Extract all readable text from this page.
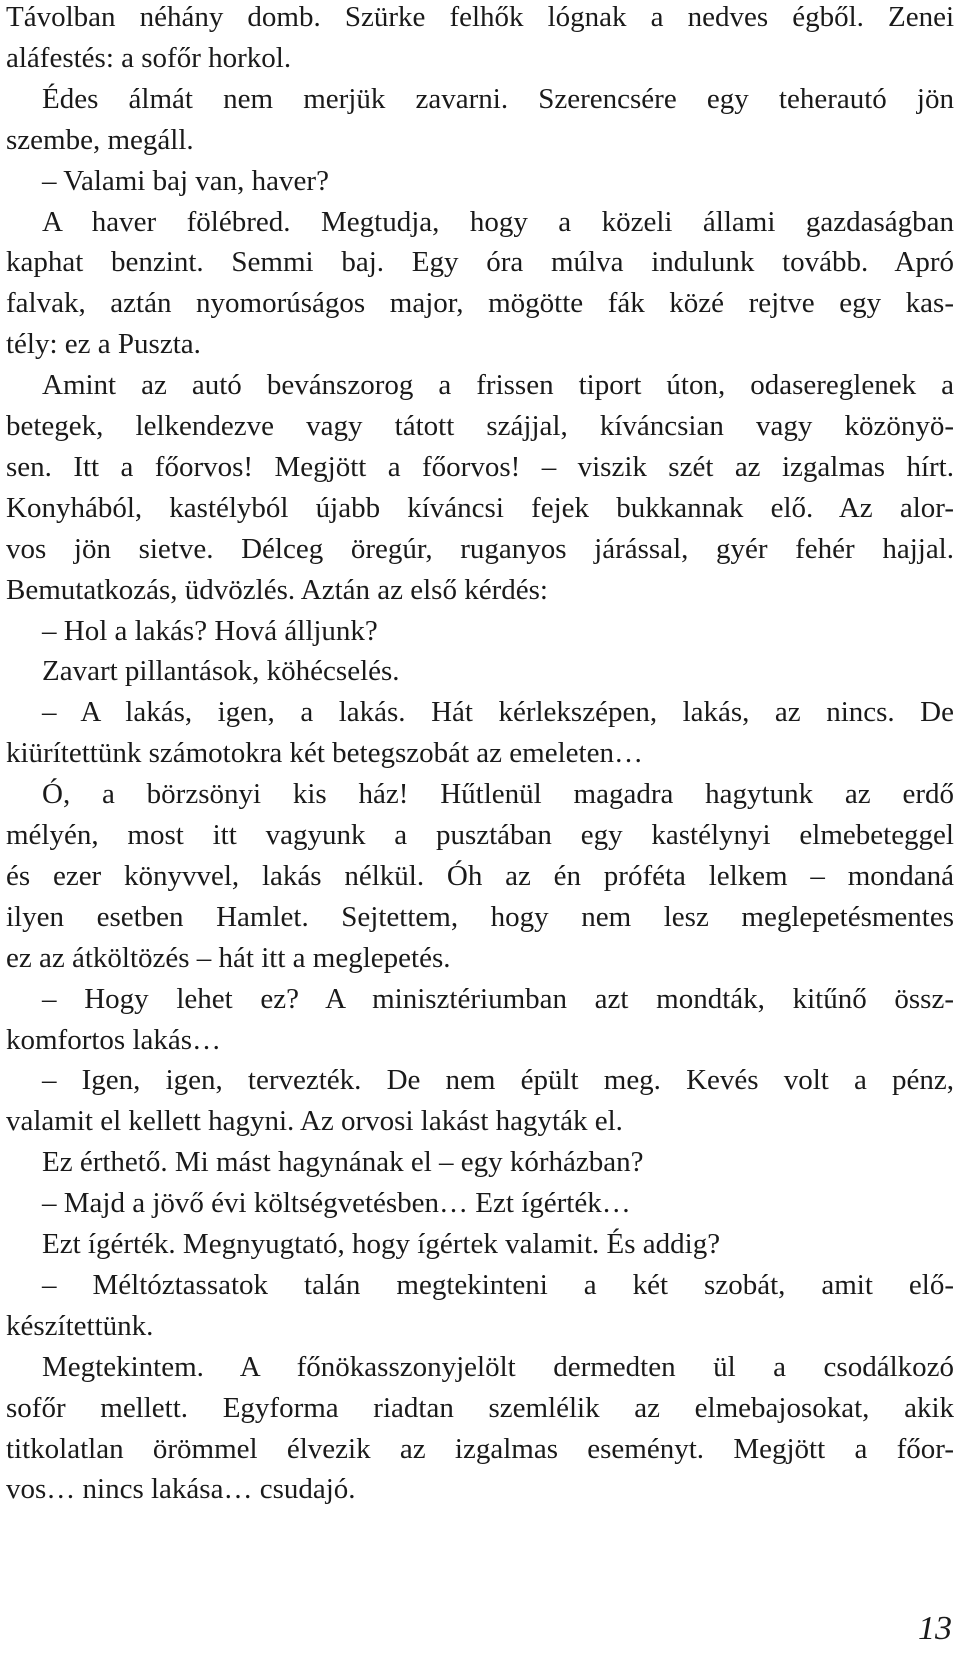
Távolban néhány domb. Szürke felhők lógnak a nedves égből. Zenei
aláfestés: a sofőr horkol.
Édes álmát nem merjük zavarni. Szerencsére egy teherautó jön
szembe, megáll.
– Valami baj van, haver?
A haver fölébred. Megtudja, hogy a közeli állami gazdaságban
kaphat benzint. Semmi baj. Egy óra múlva indulunk tovább. Apró
falvak, aztán nyomorúságos major, mögötte fák közé rejtve egy kas-
tély: ez a Puszta.
Amint az autó bevánszorog a frissen tiport úton, odasereglenek a
betegek, lelkendezve vagy tátott szájjal, kíváncsian vagy közönyö-
sen. Itt a főorvos! Megjött a főorvos! – viszik szét az izgalmas hírt.
Konyhából, kastélyból újabb kíváncsi fejek bukkannak elő. Az alor-
vos jön sietve. Délceg öregúr, ruganyos járással, gyér fehér hajjal.
Bemutatkozás, üdvözlés. Aztán az első kérdés:
– Hol a lakás? Hová álljunk?
Zavart pillantások, köhécselés.
– A lakás, igen, a lakás. Hát kérlekszépen, lakás, az nincs. De
kiürítettünk számotokra két betegszobát az emeleten…
Ó, a börzsönyi kis ház! Hűtlenül magadra hagytunk az erdő
mélyén, most itt vagyunk a pusztában egy kastélynyi elmebeteggel
és ezer könyvvel, lakás nélkül. Óh az én próféta lelkem – mondaná
ilyen esetben Hamlet. Sejtettem, hogy nem lesz meglepetésmentes
ez az átköltözés – hát itt a meglepetés.
– Hogy lehet ez? A minisztériumban azt mondták, kitűnő össz-
komfortos lakás…
– Igen, igen, tervezték. De nem épült meg. Kevés volt a pénz,
valamit el kellett hagyni. Az orvosi lakást hagyták el.
Ez érthető. Mi mást hagynának el – egy kórházban?
– Majd a jövő évi költségvetésben… Ezt ígérték…
Ezt ígérték. Megnyugtató, hogy ígértek valamit. És addig?
– Méltóztassatok talán megtekinteni a két szobát, amit elő-
készítettünk.
Megtekintem. A főnökasszonyjelölt dermedten ül a csodálkozó
sofőr mellett. Egyforma riadtan szemlélik az elmebajosokat, akik
titkolatlan örömmel élvezik az izgalmas eseményt. Megjött a főor-
vos… nincs lakása… csudajó.
13
